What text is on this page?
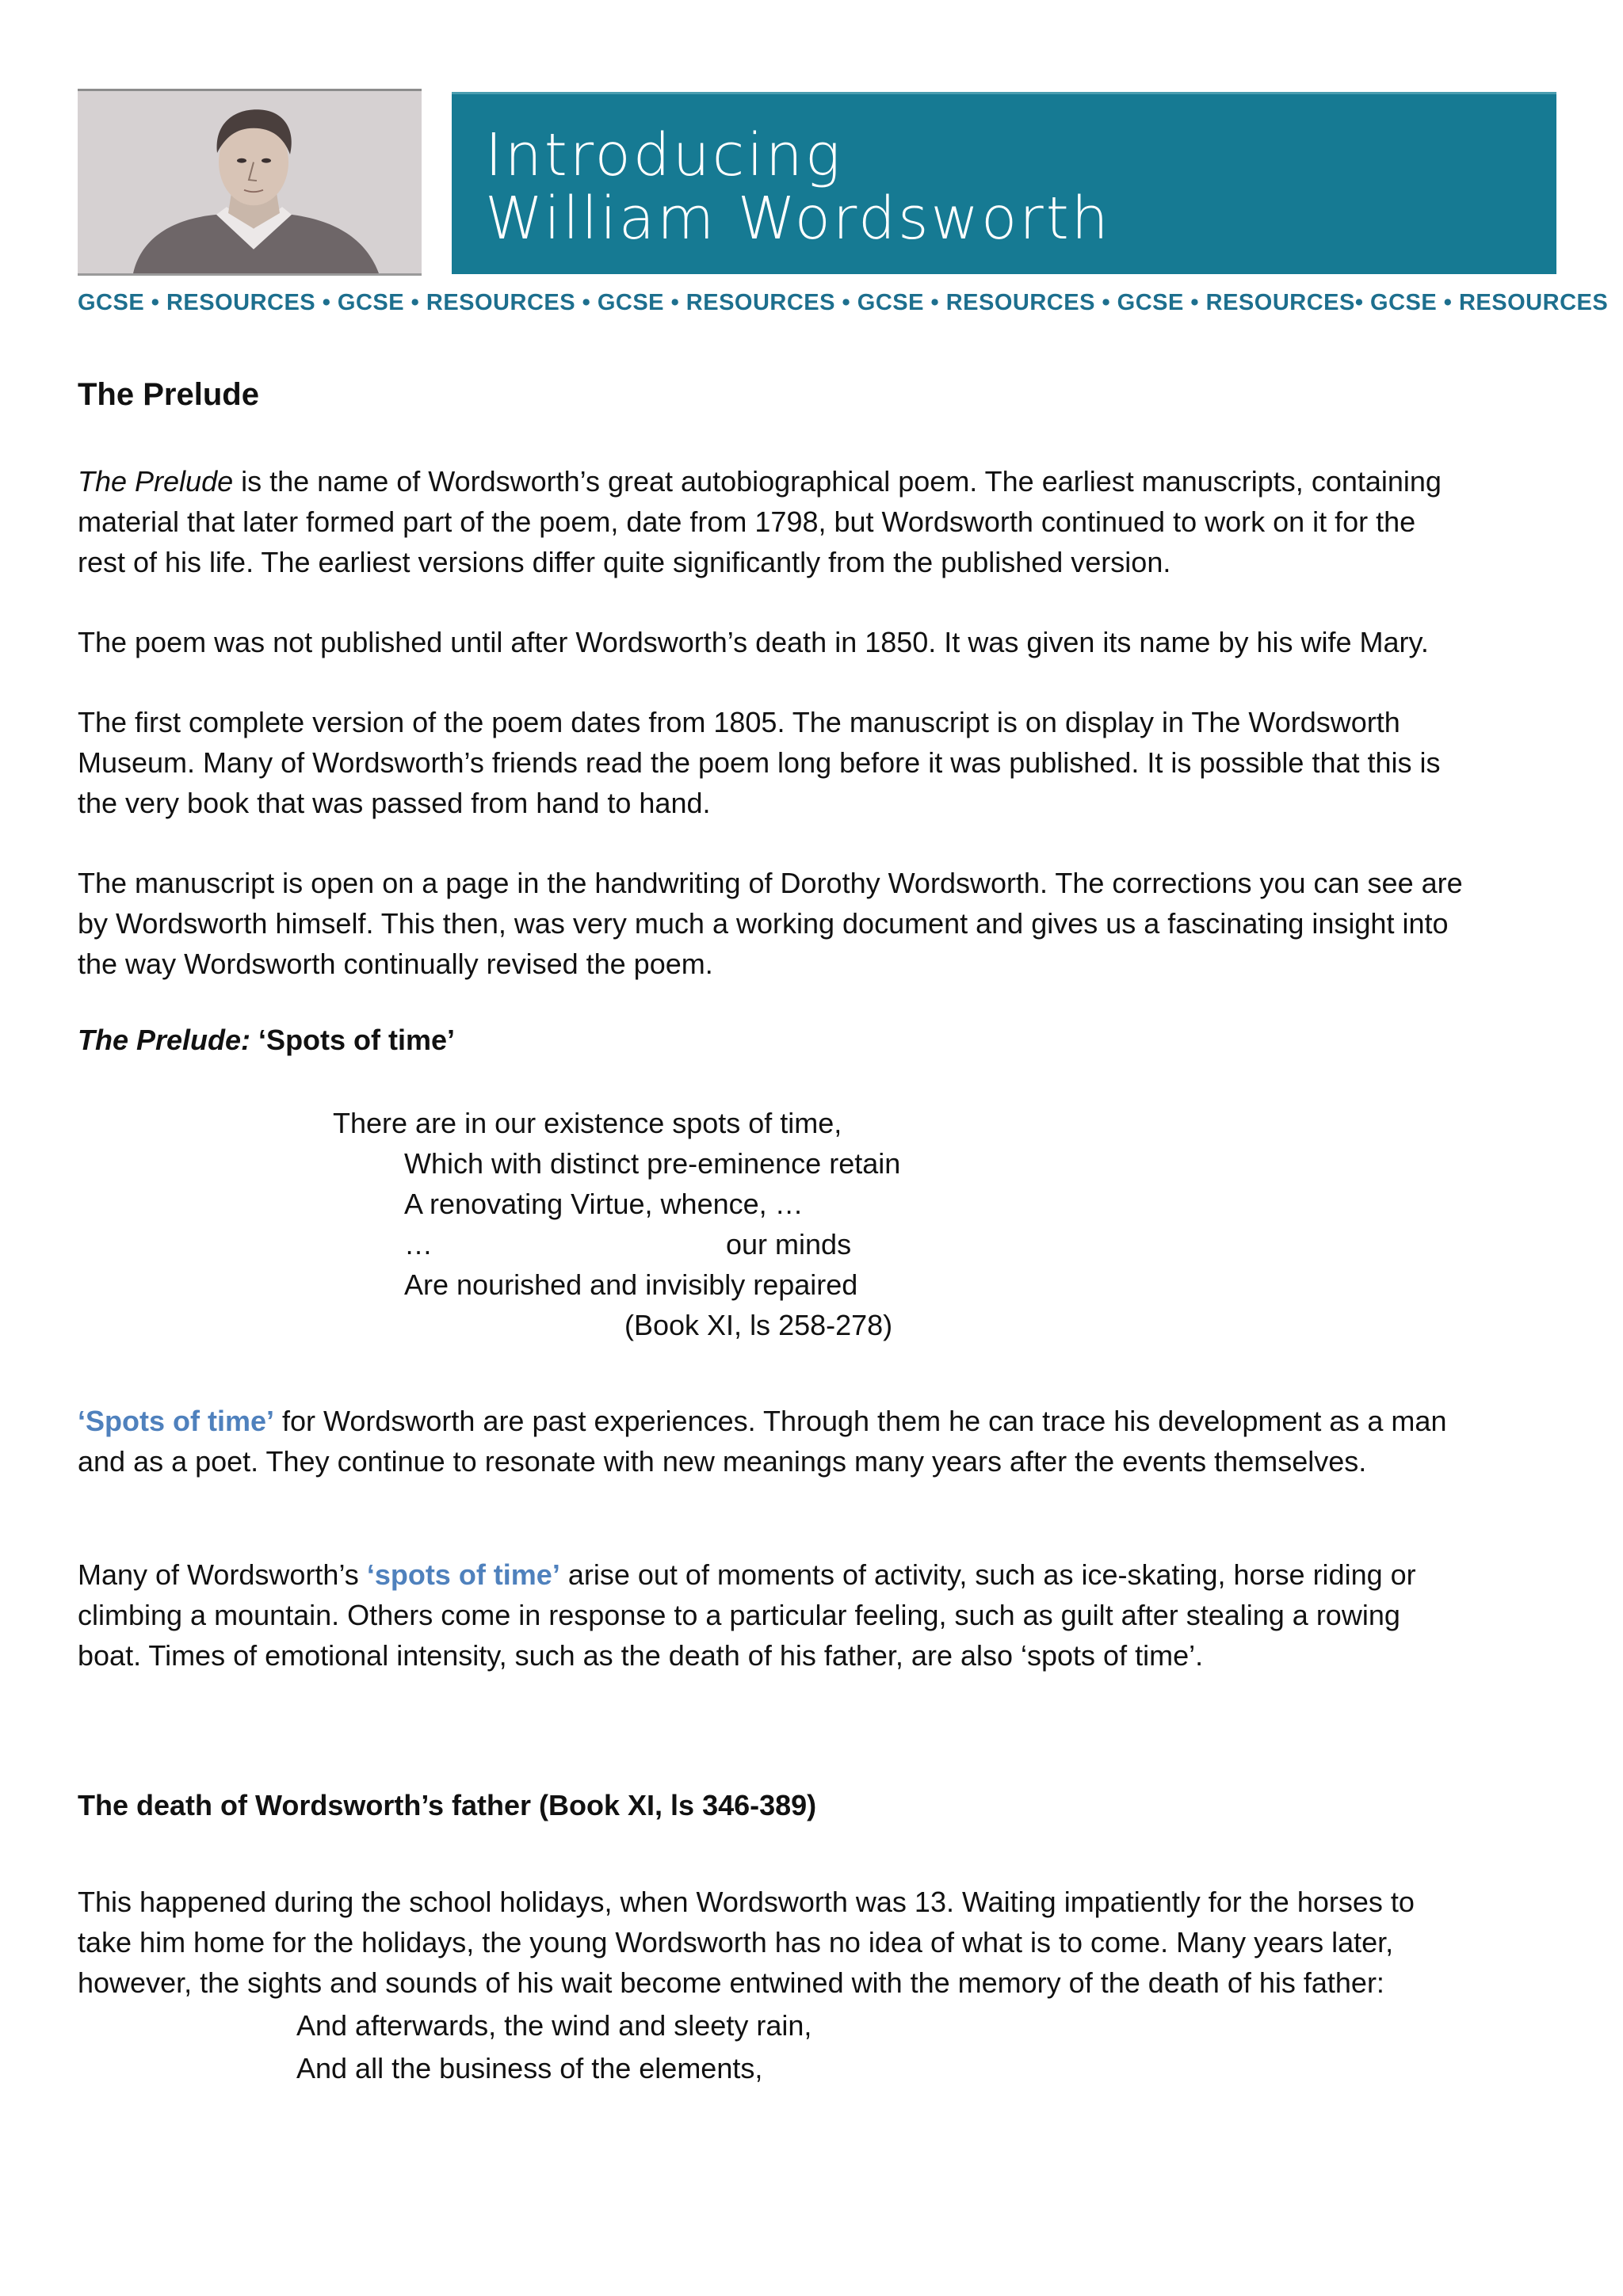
Introducing
William Wordsworth
GCSE • RESOURCES • GCSE • RESOURCES • GCSE • RESOURCES • GCSE • RESOURCES • GCSE • RESOURCES• GCSE • RESOURCES
The Prelude
The Prelude is the name of Wordsworth’s great autobiographical poem. The earliest manuscripts, containing
material that later formed part of the poem, date from 1798, but Wordsworth continued to work on it for the
rest of his life. The earliest versions differ quite significantly from the published version.
The poem was not published until after Wordsworth’s death in 1850. It was given its name by his wife Mary.
The first complete version of the poem dates from 1805. The manuscript is on display in The Wordsworth
Museum. Many of Wordsworth’s friends read the poem long before it was published. It is possible that this is
the very book that was passed from hand to hand.
The manuscript is open on a page in the handwriting of Dorothy Wordsworth. The corrections you can see are
by Wordsworth himself. This then, was very much a working document and gives us a fascinating insight into
the way Wordsworth continually revised the poem.
The Prelude: ‘Spots of time’
There are in our existence spots of time,
Which with distinct pre-eminence retain
A renovating Virtue, whence, …
…	our minds
Are nourished and invisibly repaired
(Book XI, ls 258-278)
‘Spots of time’ for Wordsworth are past experiences. Through them he can trace his development as a man
and as a poet. They continue to resonate with new meanings many years after the events themselves.
Many of Wordsworth’s ‘spots of time’ arise out of moments of activity, such as ice-skating, horse riding or
climbing a mountain. Others come in response to a particular feeling, such as guilt after stealing a rowing
boat. Times of emotional intensity, such as the death of his father, are also ‘spots of time’.
The death of Wordsworth’s father (Book XI, ls 346-389)
This happened during the school holidays, when Wordsworth was 13. Waiting impatiently for the horses to
take him home for the holidays, the young Wordsworth has no idea of what is to come. Many years later,
however, the sights and sounds of his wait become entwined with the memory of the death of his father:
And afterwards, the wind and sleety rain,
And all the business of the elements,
